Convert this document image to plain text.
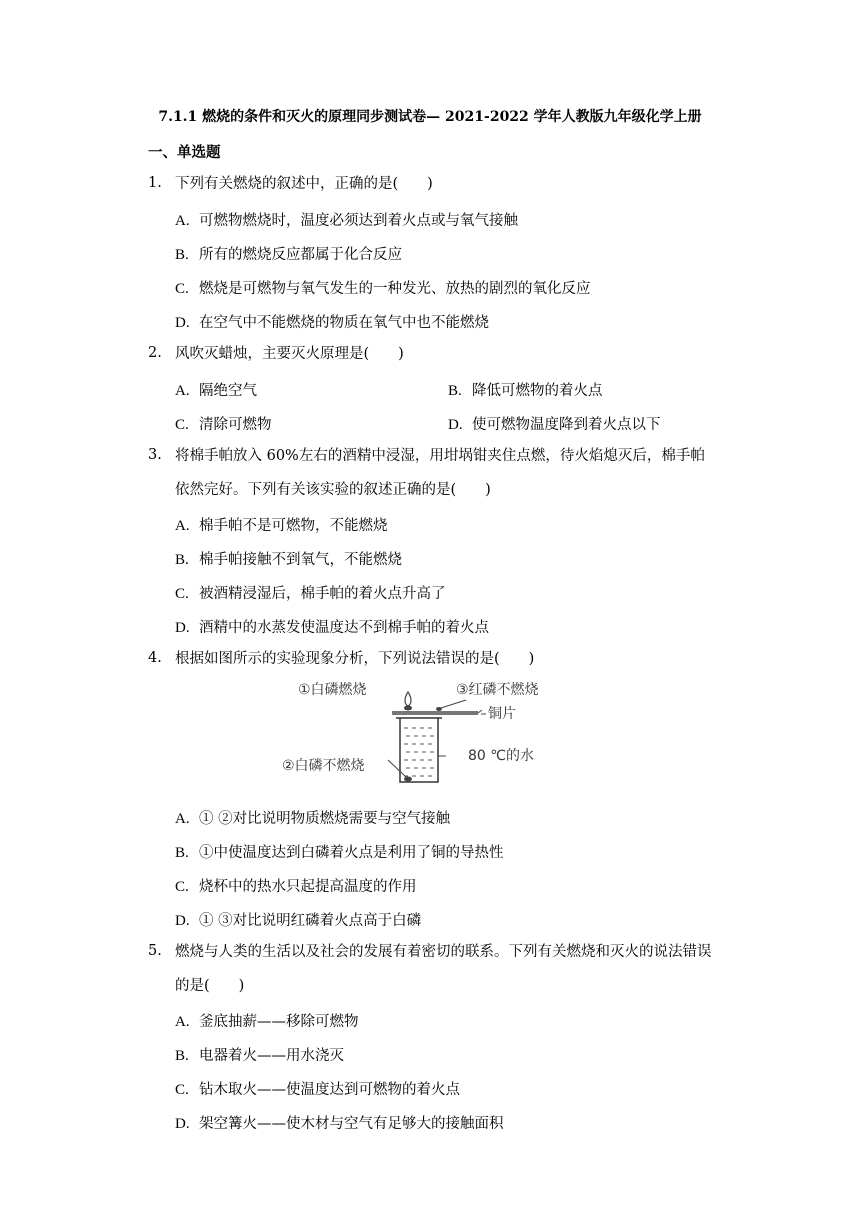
7.1.1 燃烧的条件和灭火的原理同步测试卷— 2021-2022 学年人教版九年级化学上册
一、单选题
1. 下列有关燃烧的叙述中，正确的是(　　)
A. 可燃物燃烧时，温度必须达到着火点或与氧气接触
B. 所有的燃烧反应都属于化合反应
C. 燃烧是可燃物与氧气发生的一种发光、放热的剧烈的氧化反应
D. 在空气中不能燃烧的物质在氧气中也不能燃烧
2. 风吹灭蜡烛，主要灭火原理是(　　)
A. 隔绝空气	B. 降低可燃物的着火点
C. 清除可燃物	D. 使可燃物温度降到着火点以下
3. 将棉手帕放入 60%左右的酒精中浸湿，用坩埚钳夹住点燃，待火焰熄灭后，棉手帕依然完好。下列有关该实验的叙述正确的是(　　)
A. 棉手帕不是可燃物，不能燃烧
B. 棉手帕接触不到氧气，不能燃烧
C. 被酒精浸湿后，棉手帕的着火点升高了
D. 酒精中的水蒸发使温度达不到棉手帕的着火点
4. 根据如图所示的实验现象分析，下列说法错误的是(　　)
①白磷燃烧	③红磷不燃烧
铜片
②白磷不燃烧
80 ℃的水
A. ① ②对比说明物质燃烧需要与空气接触
B. ①中使温度达到白磷着火点是利用了铜的导热性
C. 烧杯中的热水只起提高温度的作用
D. ① ③对比说明红磷着火点高于白磷
5. 燃烧与人类的生活以及社会的发展有着密切的联系。下列有关燃烧和灭火的说法错误的是(　　)
A. 釜底抽薪——移除可燃物
B. 电器着火——用水浇灭
C. 钻木取火——使温度达到可燃物的着火点
D. 架空篝火——使木材与空气有足够大的接触面积
